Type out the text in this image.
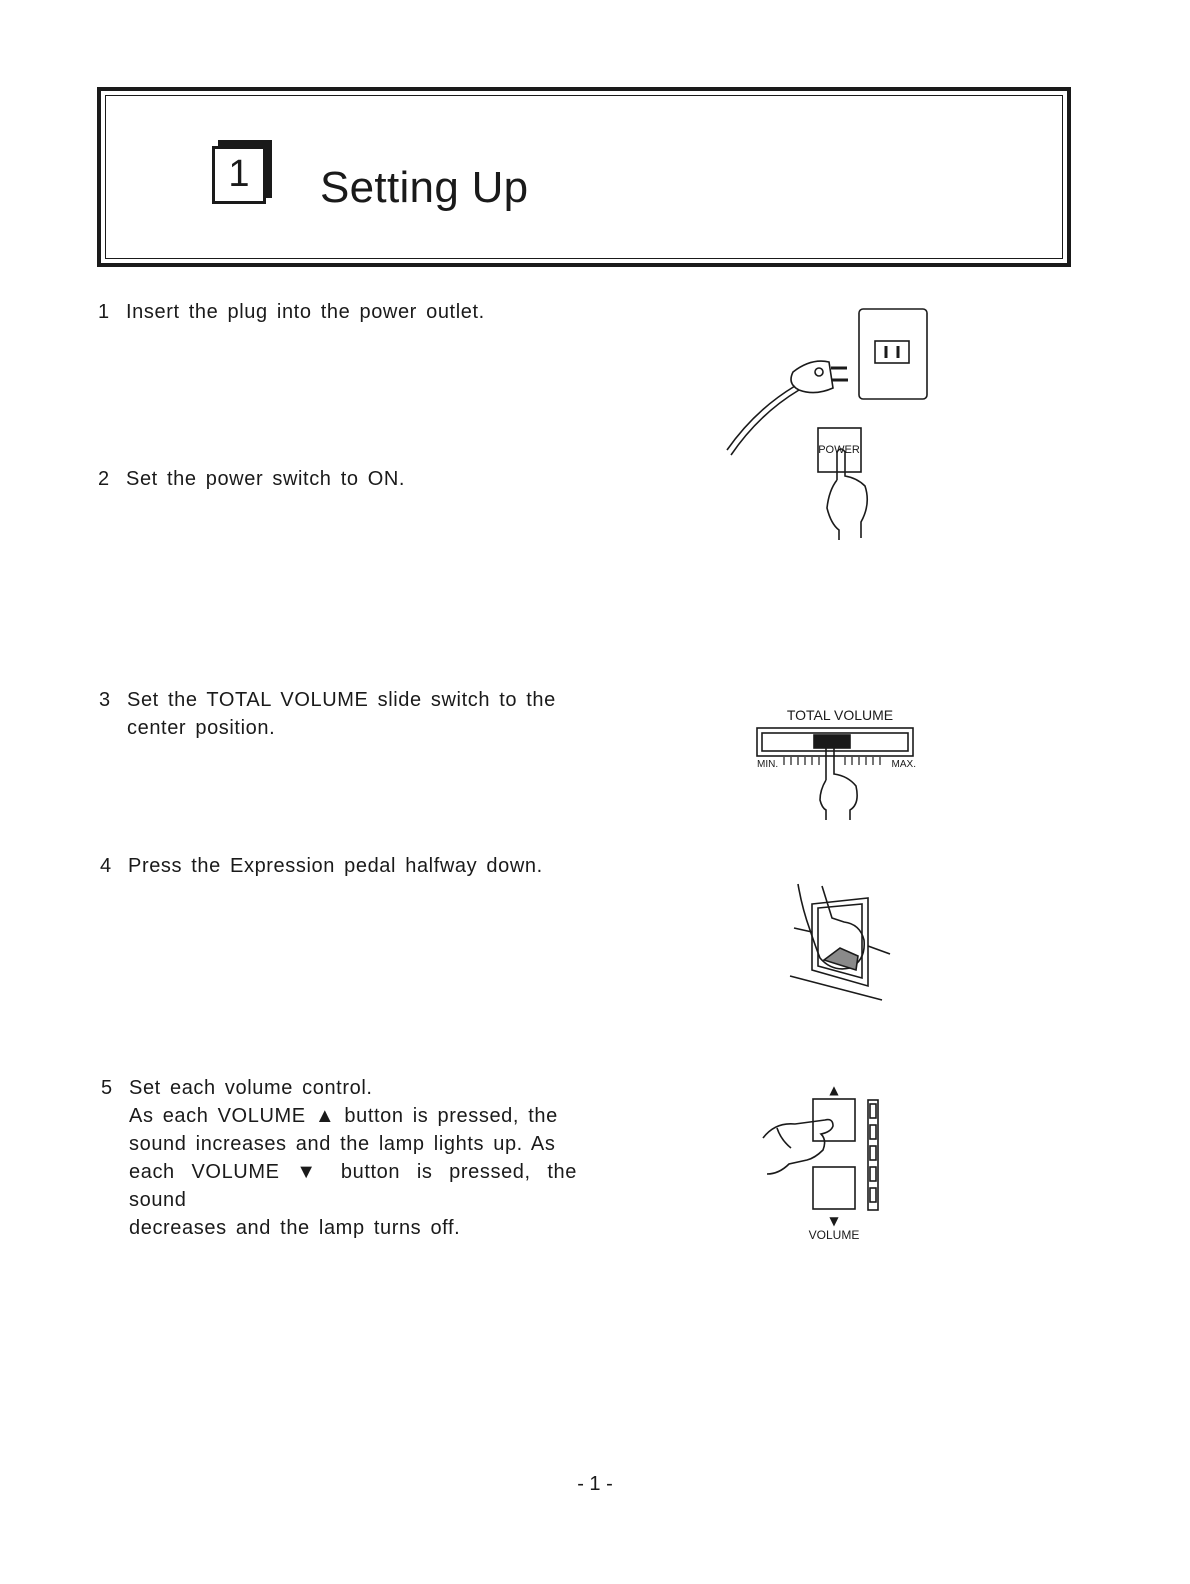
1	Setting Up
1 Insert the plug into the power outlet.

2 Set the power switch to ON.

3 Set the TOTAL VOLUME slide switch to the

center position.

4 Press the Expression pedal halfway down.

5 Set each volume control.

As each VOLUME ▲ button is pressed, the

sound increases and the lamp lights up. As

each VOLUME ▼ button is pressed, the sound

decreases and the lamp turns off.

POWER
TOTAL VOLUME
MIN.	MAX.
▲
▼
VOLUME
- 1 -
